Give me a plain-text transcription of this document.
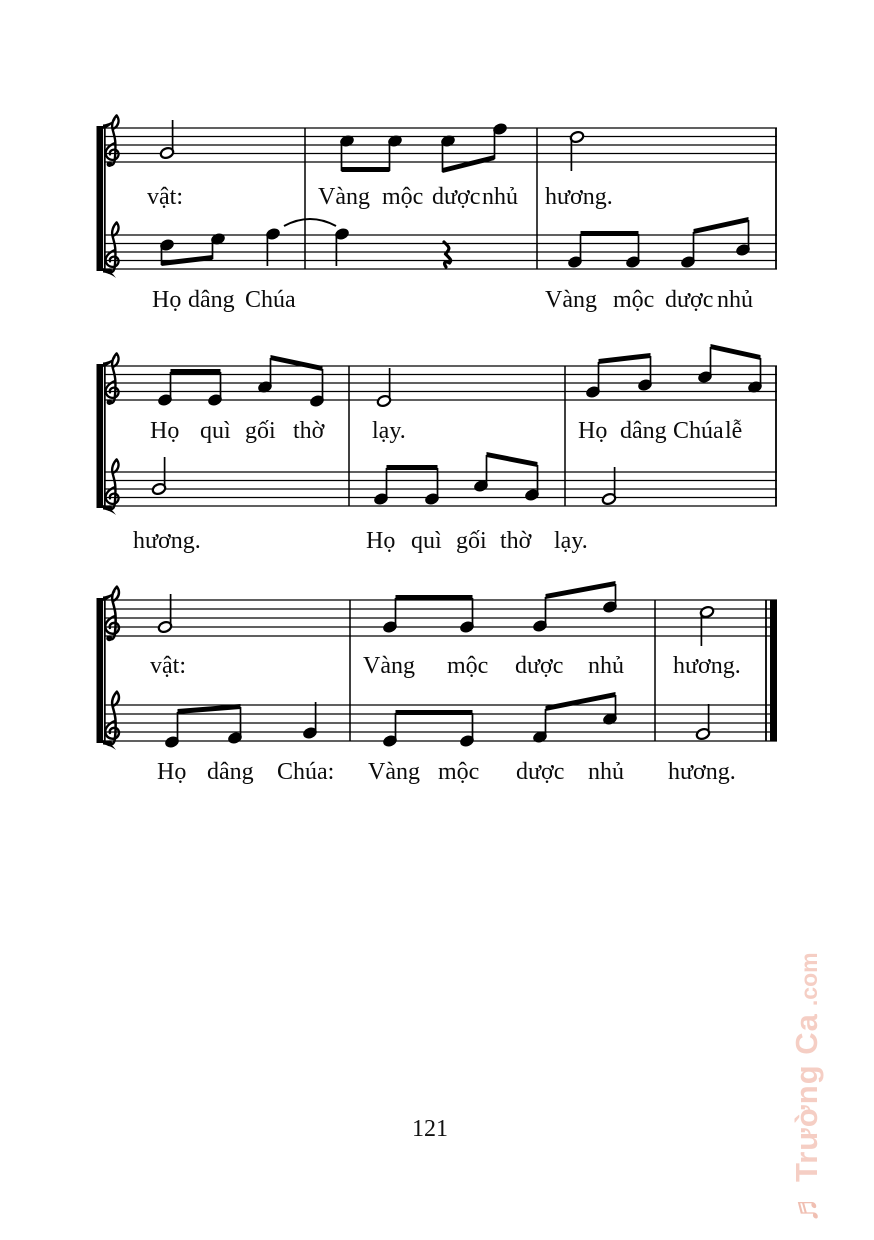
vật:	Vàng mộc dược nhủ hương.
Họ dâng Chúa	Vàng mộc dược nhủ
Họ quì gối thờ lạy.	Họ dâng Chúa lễ
hương.	Họ quì gối thờ lạy.
vật:	Vàng mộc dược nhủ hương.
Họ dâng Chúa: Vàng mộc dược nhủ hương.
121
♬
Trường Ca
.com
